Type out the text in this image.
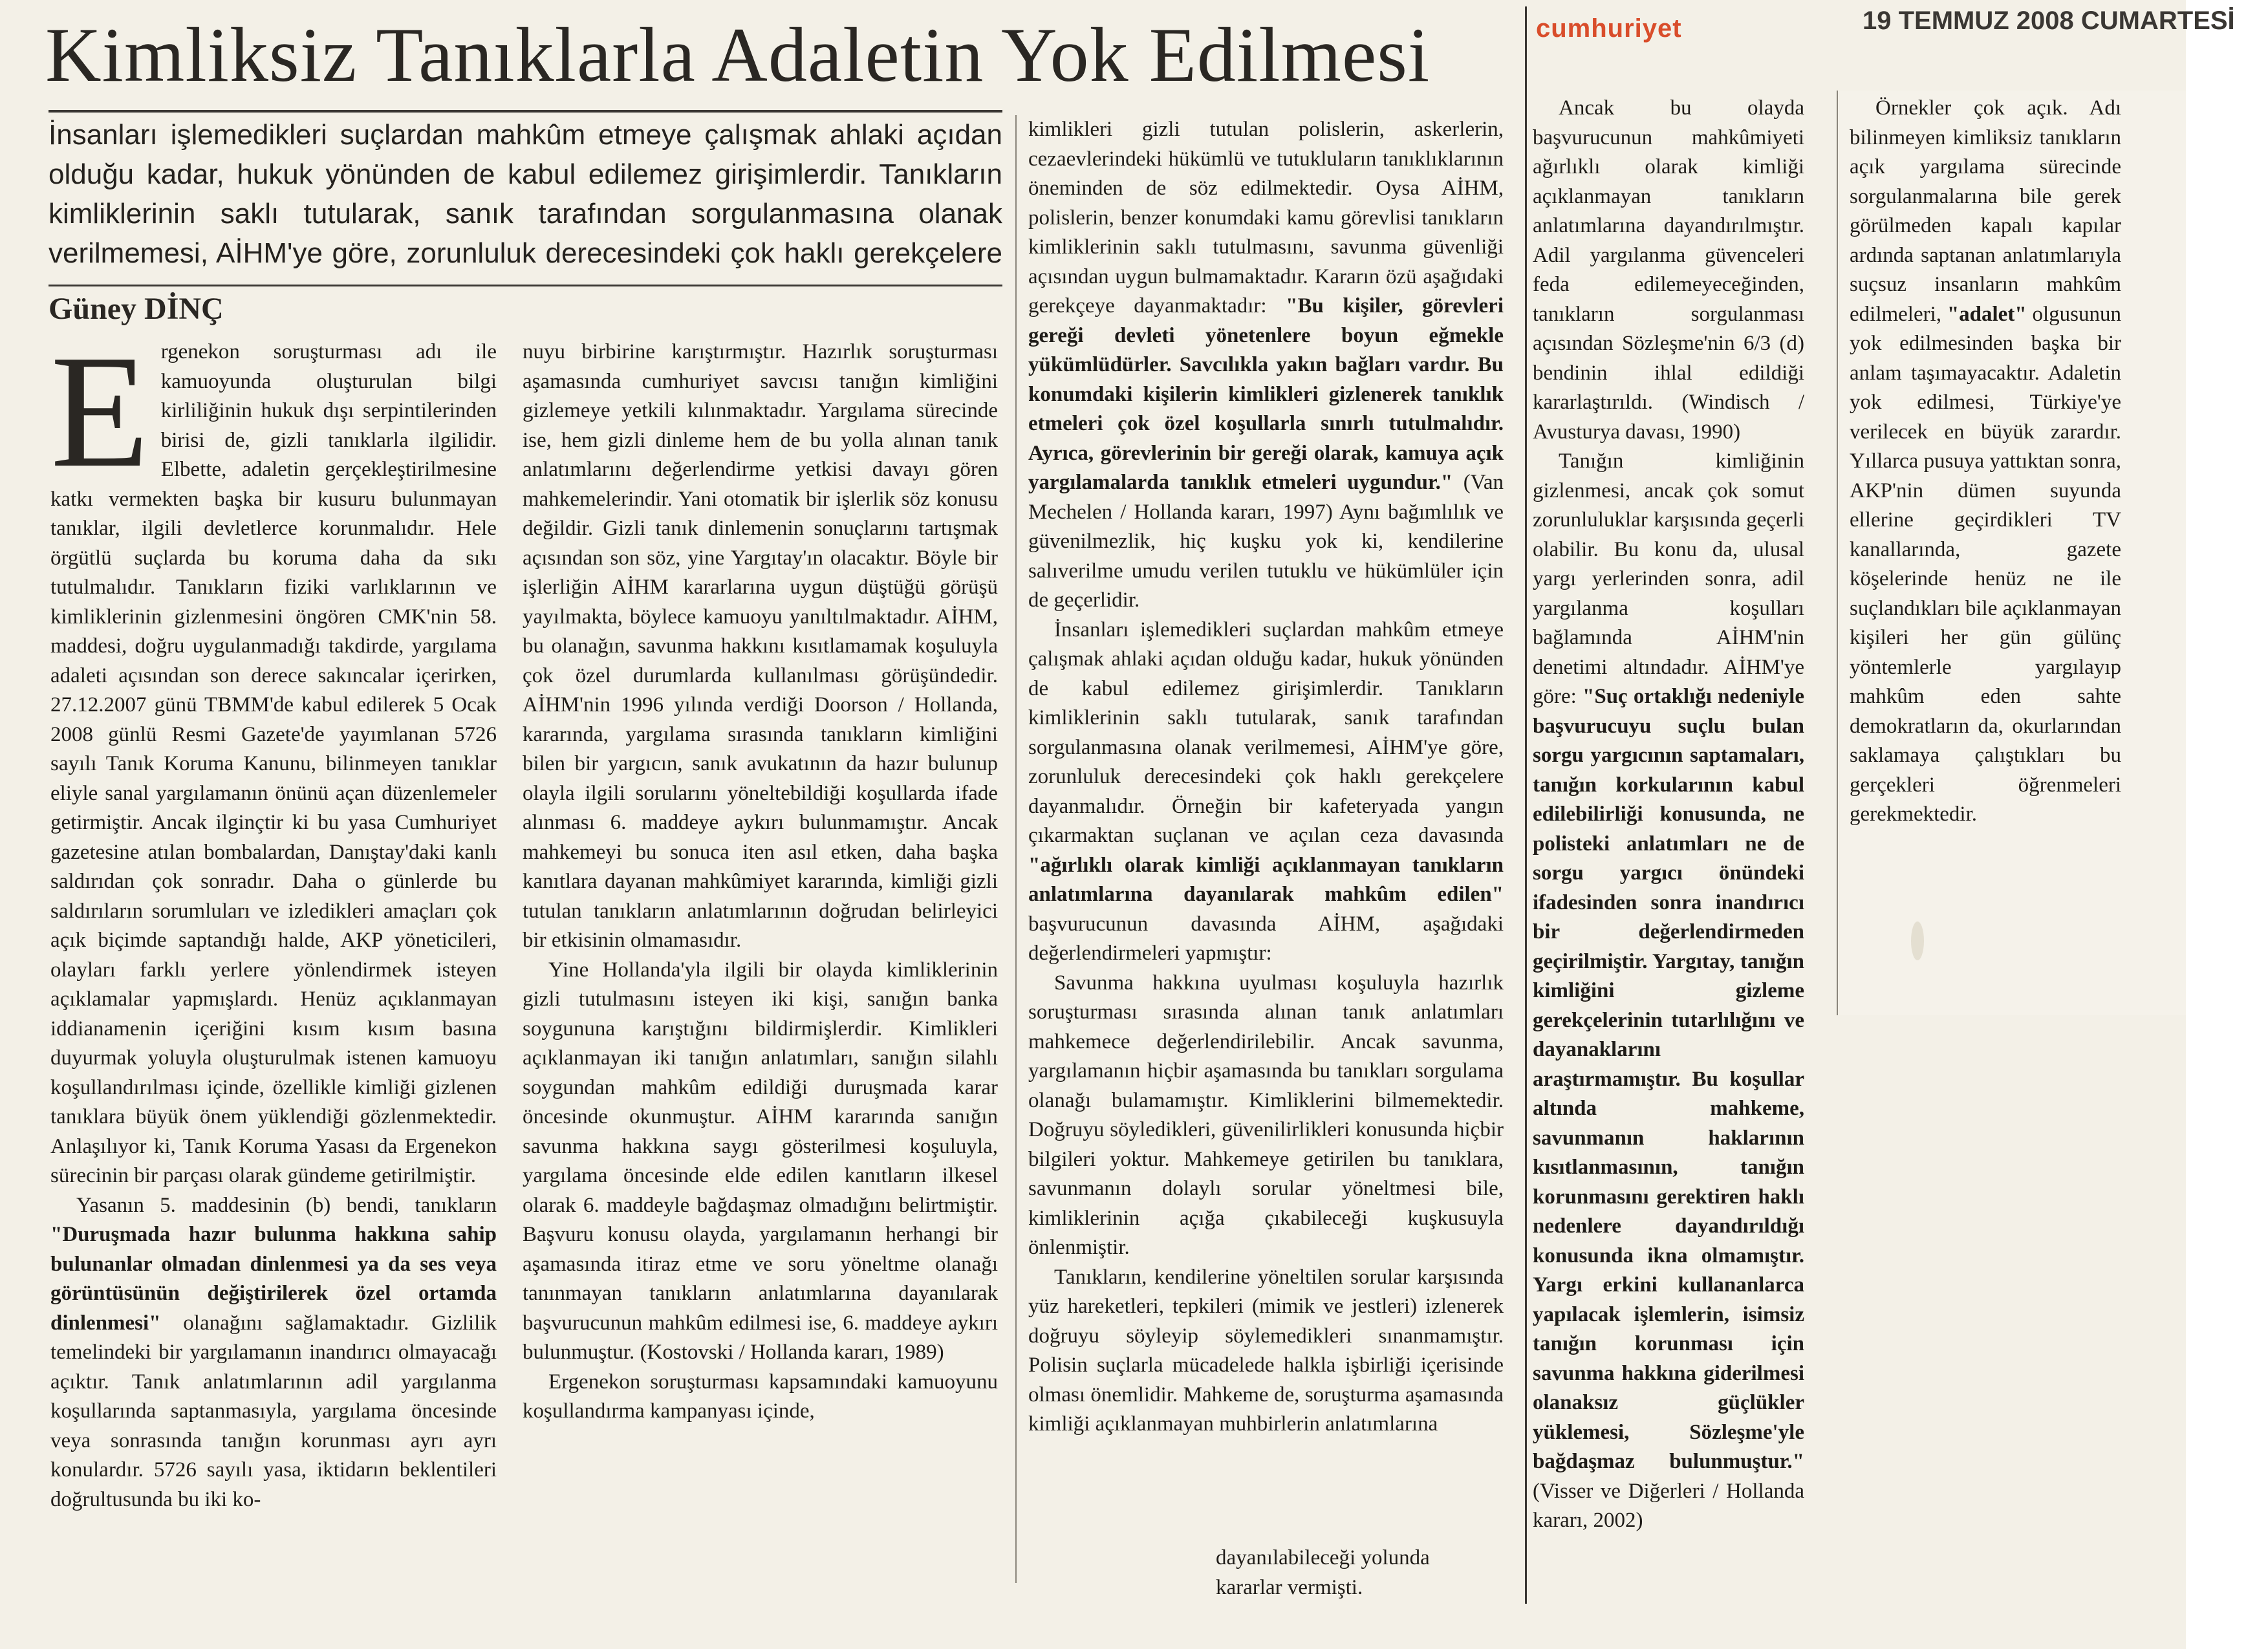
Kimliksiz Tanıklarla Adaletin Yok Edilmesi	cumhuriyet	19 TEMMUZ 2008 CUMARTESİ
İnsanları işlemedikleri suçlardan mahkûm etmeye çalışmak ahlaki açıdan olduğu kadar, hukuk yönünden de kabul edilemez girişimlerdir. Tanıkların kimliklerinin saklı tutularak, sanık tarafından sorgulanmasına olanak verilmemesi, AİHM'ye göre, zorunluluk derecesindeki çok haklı gerekçelere
Güney DİNÇ

Ergenekon soruşturması adı ile kamuoyunda oluşturulan bilgi kirliliğinin hukuk dışı serpintilerinden birisi de, gizli tanıklarla ilgilidir. Elbette, adaletin gerçekleştirilmesine katkı vermekten başka bir kusuru bulunmayan tanıklar, ilgili devletlerce korunmalıdır. Hele örgütlü suçlarda bu koruma daha da sıkı tutulmalıdır. Tanıkların fiziki varlıklarının ve kimliklerinin gizlenmesini öngören CMK'nin 58. maddesi, doğru uygulanmadığı takdirde, yargılama adaleti açısından son derece sakıncalar içerirken, 27.12.2007 günü TBMM'de kabul edilerek 5 Ocak 2008 günlü Resmi Gazete'de yayımlanan 5726 sayılı Tanık Koruma Kanunu, bilinmeyen tanıklar eliyle sanal yargılamanın önünü açan düzenlemeler getirmiştir. Ancak ilginçtir ki bu yasa Cumhuriyet gazetesine atılan bombalardan, Danıştay'daki kanlı saldırıdan çok sonradır. Daha o günlerde bu saldırıların sorumluları ve izledikleri amaçları çok açık biçimde saptandığı halde, AKP yöneticileri, olayları farklı yerlere yönlendirmek isteyen açıklamalar yapmışlardı. Henüz açıklanmayan iddianamenin içeriğini kısım kısım basına duyurmak yoluyla oluşturulmak istenen kamuoyu koşullandırılması içinde, özellikle kimliği gizlenen tanıklara büyük önem yüklendiği gözlenmektedir. Anlaşılıyor ki, Tanık Koruma Yasası da Ergenekon sürecinin bir parçası olarak gündeme getirilmiştir.

Yasanın 5. maddesinin (b) bendi, tanıkların "Duruşmada hazır bulunma hakkına sahip bulunanlar olmadan dinlenmesi ya da ses veya görüntüsünün değiştirilerek özel ortamda dinlenmesi" olanağını sağlamaktadır. Gizlilik temelindeki bir yargılamanın inandırıcı olmayacağı açıktır. Tanık anlatımlarının adil yargılanma koşullarında saptanmasıyla, yargılama öncesinde veya sonrasında tanığın korunması ayrı ayrı konulardır. 5726 sayılı yasa, iktidarın beklentileri doğrultusunda bu iki ko-

nuyu birbirine karıştırmıştır. Hazırlık soruşturması aşamasında cumhuriyet savcısı tanığın kimliğini gizlemeye yetkili kılınmaktadır. Yargılama sürecinde ise, hem gizli dinleme hem de bu yolla alınan tanık anlatımlarını değerlendirme yetkisi davayı gören mahkemelerindir. Yani otomatik bir işlerlik söz konusu değildir. Gizli tanık dinlemenin sonuçlarını tartışmak açısından son söz, yine Yargıtay'ın olacaktır. Böyle bir işlerliğin AİHM kararlarına uygun düştüğü görüşü yayılmakta, böylece kamuoyu yanıltılmaktadır. AİHM, bu olanağın, savunma hakkını kısıtlamamak koşuluyla çok özel durumlarda kullanılması görüşündedir. AİHM'nin 1996 yılında verdiği Doorson / Hollanda, kararında, yargılama sırasında tanıkların kimliğini bilen bir yargıcın, sanık avukatının da hazır bulunup olayla ilgili sorularını yöneltebildiği koşullarda ifade alınması 6. maddeye aykırı bulunmamıştır. Ancak mahkemeyi bu sonuca iten asıl etken, daha başka kanıtlara dayanan mahkûmiyet kararında, kimliği gizli tutulan tanıkların anlatımlarının doğrudan belirleyici bir etkisinin olmamasıdır.

Yine Hollanda'yla ilgili bir olayda kimliklerinin gizli tutulmasını isteyen iki kişi, sanığın banka soygununa karıştığını bildirmişlerdir. Kimlikleri açıklanmayan iki tanığın anlatımları, sanığın silahlı soygundan mahkûm edildiği duruşmada karar öncesinde okunmuştur. AİHM kararında sanığın savunma hakkına saygı gösterilmesi koşuluyla, yargılama öncesinde elde edilen kanıtların ilkesel olarak 6. maddeyle bağdaşmaz olmadığını belirtmiştir. Başvuru konusu olayda, yargılamanın herhangi bir aşamasında itiraz etme ve soru yöneltme olanağı tanınmayan tanıkların anlatımlarına dayanılarak başvurucunun mahkûm edilmesi ise, 6. maddeye aykırı bulunmuştur. (Kostovski / Hollanda kararı, 1989)

Ergenekon soruşturması kapsamındaki kamuoyunu koşullandırma kampanyası içinde,

kimlikleri gizli tutulan polislerin, askerlerin, cezaevlerindeki hükümlü ve tutukluların tanıklıklarının öneminden de söz edilmektedir. Oysa AİHM, polislerin, benzer konumdaki kamu görevlisi tanıkların kimliklerinin saklı tutulmasını, savunma güvenliği açısından uygun bulmamaktadır. Kararın özü aşağıdaki gerekçeye dayanmaktadır: "Bu kişiler, görevleri gereği devleti yönetenlere boyun eğmekle yükümlüdürler. Savcılıkla yakın bağları vardır. Bu konumdaki kişilerin kimlikleri gizlenerek tanıklık etmeleri çok özel koşullarla sınırlı tutulmalıdır. Ayrıca, görevlerinin bir gereği olarak, kamuya açık yargılamalarda tanıklık etmeleri uygundur." (Van Mechelen / Hollanda kararı, 1997) Aynı bağımlılık ve güvenilmezlik, hiç kuşku yok ki, kendilerine salıverilme umudu verilen tutuklu ve hükümlüler için de geçerlidir.

İnsanları işlemedikleri suçlardan mahkûm etmeye çalışmak ahlaki açıdan olduğu kadar, hukuk yönünden de kabul edilemez girişimlerdir. Tanıkların kimliklerinin saklı tutularak, sanık tarafından sorgulanmasına olanak verilmemesi, AİHM'ye göre, zorunluluk derecesindeki çok haklı gerekçelere dayanmalıdır. Örneğin bir kafeteryada yangın çıkarmaktan suçlanan ve açılan ceza davasında "ağırlıklı olarak kimliği açıklanmayan tanıkların anlatımlarına dayanılarak mahkûm edilen" başvurucunun davasında AİHM, aşağıdaki değerlendirmeleri yapmıştır:

Savunma hakkına uyulması koşuluyla hazırlık soruşturması sırasında alınan tanık anlatımları mahkemece değerlendirilebilir. Ancak savunma, yargılamanın hiçbir aşamasında bu tanıkları sorgulama olanağı bulamamıştır. Kimliklerini bilmemektedir. Doğruyu söyledikleri, güvenilirlikleri konusunda hiçbir bilgileri yoktur. Mahkemeye getirilen bu tanıklara, savunmanın dolaylı sorular yöneltmesi bile, kimliklerinin açığa çıkabileceği kuşkusuyla önlenmiştir.

Tanıkların, kendilerine yöneltilen sorular karşısında yüz hareketleri, tepkileri (mimik ve jestleri) izlenerek doğruyu söyleyip söylemedikleri sınanmamıştır. Polisin suçlarla mücadelede halkla işbirliği içerisinde olması önemlidir. Mahkeme de, soruşturma aşamasında kimliği açıklanmayan muhbirlerin anlatımlarına

dayanılabileceği yolunda kararlar vermişti.

Ancak bu olayda başvurucunun mahkûmiyeti ağırlıklı olarak kimliği açıklanmayan tanıkların anlatımlarına dayandırılmıştır. Adil yargılanma güvenceleri feda edilemeyeceğinden, tanıkların sorgulanması açısından Sözleşme'nin 6/3 (d) bendinin ihlal edildiği kararlaştırıldı. (Windisch / Avusturya davası, 1990)

Tanığın kimliğinin gizlenmesi, ancak çok somut zorunluluklar karşısında geçerli olabilir. Bu konu da, ulusal yargı yerlerinden sonra, adil yargılanma koşulları bağlamında AİHM'nin denetimi altındadır. AİHM'ye göre: "Suç ortaklığı nedeniyle başvurucuyu suçlu bulan sorgu yargıcının saptamaları, tanığın korkularının kabul edilebilirliği konusunda, ne polisteki anlatımları ne de sorgu yargıcı önündeki ifadesinden sonra inandırıcı bir değerlendirmeden geçirilmiştir. Yargıtay, tanığın kimliğini gizleme gerekçelerinin tutarlılığını ve dayanaklarını araştırmamıştır. Bu koşullar altında mahkeme, savunmanın haklarının kısıtlanmasının, tanığın korunmasını gerektiren haklı nedenlere dayandırıldığı konusunda ikna olmamıştır. Yargı erkini kullananlarca yapılacak işlemlerin, isimsiz tanığın korunması için savunma hakkına giderilmesi olanaksız güçlükler yüklemesi, Sözleşme'yle bağdaşmaz bulunmuştur." (Visser ve Diğerleri / Hollanda kararı, 2002)

Örnekler çok açık. Adı bilinmeyen kimliksiz tanıkların açık yargılama sürecinde sorgulanmalarına bile gerek görülmeden kapalı kapılar ardında saptanan anlatımlarıyla suçsuz insanların mahkûm edilmeleri, "adalet" olgusunun yok edilmesinden başka bir anlam taşımayacaktır. Adaletin yok edilmesi, Türkiye'ye verilecek en büyük zarardır. Yıllarca pusuya yattıktan sonra, AKP'nin dümen suyunda ellerine geçirdikleri TV kanallarında, gazete köşelerinde henüz ne ile suçlandıkları bile açıklanmayan kişileri her gün gülünç yöntemlerle yargılayıp mahkûm eden sahte demokratların da, okurlarından saklamaya çalıştıkları bu gerçekleri öğrenmeleri gerekmektedir.
